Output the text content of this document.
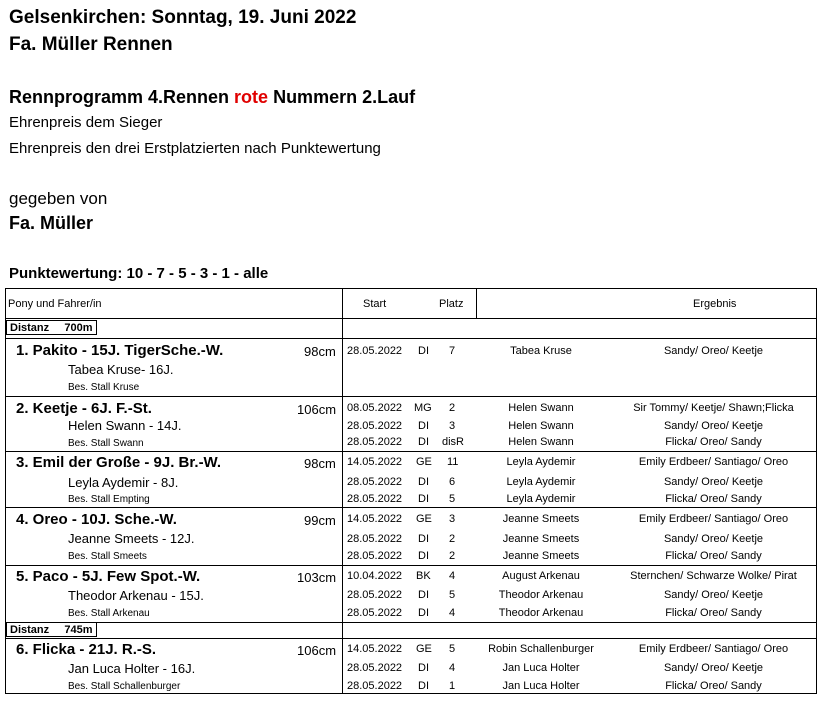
Gelsenkirchen: Sonntag, 19. Juni 2022
Fa. Müller Rennen
Rennprogramm 4.Rennen rote Nummern 2.Lauf
Ehrenpreis dem Sieger
Ehrenpreis den drei Erstplatzierten nach Punktewertung
gegeben von
Fa. Müller
Punktewertung: 10 - 7 - 5 - 3 - 1 - alle
Pony und Fahrer/in	Start	Platz	Ergebnis
Distanz     700m
1. Pakito - 15J. TigerSche.-W.	98cm
Tabea Kruse- 16J.
Bes. Stall Kruse
28.05.2022 DI 7	Tabea Kruse	Sandy/ Oreo/ Keetje
2. Keetje - 6J. F.-St.	106cm
Helen Swann - 14J.
Bes. Stall Swann
08.05.2022 MG 2	Helen Swann	Sir Tommy/ Keetje/ Shawn;Flicka
28.05.2022 DI 3	Helen Swann	Sandy/ Oreo/ Keetje
28.05.2022 DI disR	Helen Swann	Flicka/ Oreo/ Sandy
3. Emil der Große - 9J. Br.-W.	98cm
Leyla Aydemir - 8J.
Bes. Stall Empting
14.05.2022 GE 11	Leyla Aydemir	Emily Erdbeer/ Santiago/ Oreo
28.05.2022 DI 6	Leyla Aydemir	Sandy/ Oreo/ Keetje
28.05.2022 DI 5	Leyla Aydemir	Flicka/ Oreo/ Sandy
4. Oreo - 10J. Sche.-W.	99cm
Jeanne Smeets - 12J.
Bes. Stall Smeets
14.05.2022 GE 3	Jeanne Smeets	Emily Erdbeer/ Santiago/ Oreo
28.05.2022 DI 2	Jeanne Smeets	Sandy/ Oreo/ Keetje
28.05.2022 DI 2	Jeanne Smeets	Flicka/ Oreo/ Sandy
5. Paco - 5J. Few Spot.-W.	103cm
Theodor Arkenau - 15J.
Bes. Stall Arkenau
10.04.2022 BK 4	August Arkenau	Sternchen/ Schwarze Wolke/ Pirat
28.05.2022 DI 5	Theodor Arkenau	Sandy/ Oreo/ Keetje
28.05.2022 DI 4	Theodor Arkenau	Flicka/ Oreo/ Sandy
Distanz     745m
6. Flicka - 21J. R.-S.	106cm
Jan Luca Holter - 16J.
Bes. Stall Schallenburger
14.05.2022 GE 5	Robin Schallenburger	Emily Erdbeer/ Santiago/ Oreo
28.05.2022 DI 4	Jan Luca Holter	Sandy/ Oreo/ Keetje
28.05.2022 DI 1	Jan Luca Holter	Flicka/ Oreo/ Sandy
